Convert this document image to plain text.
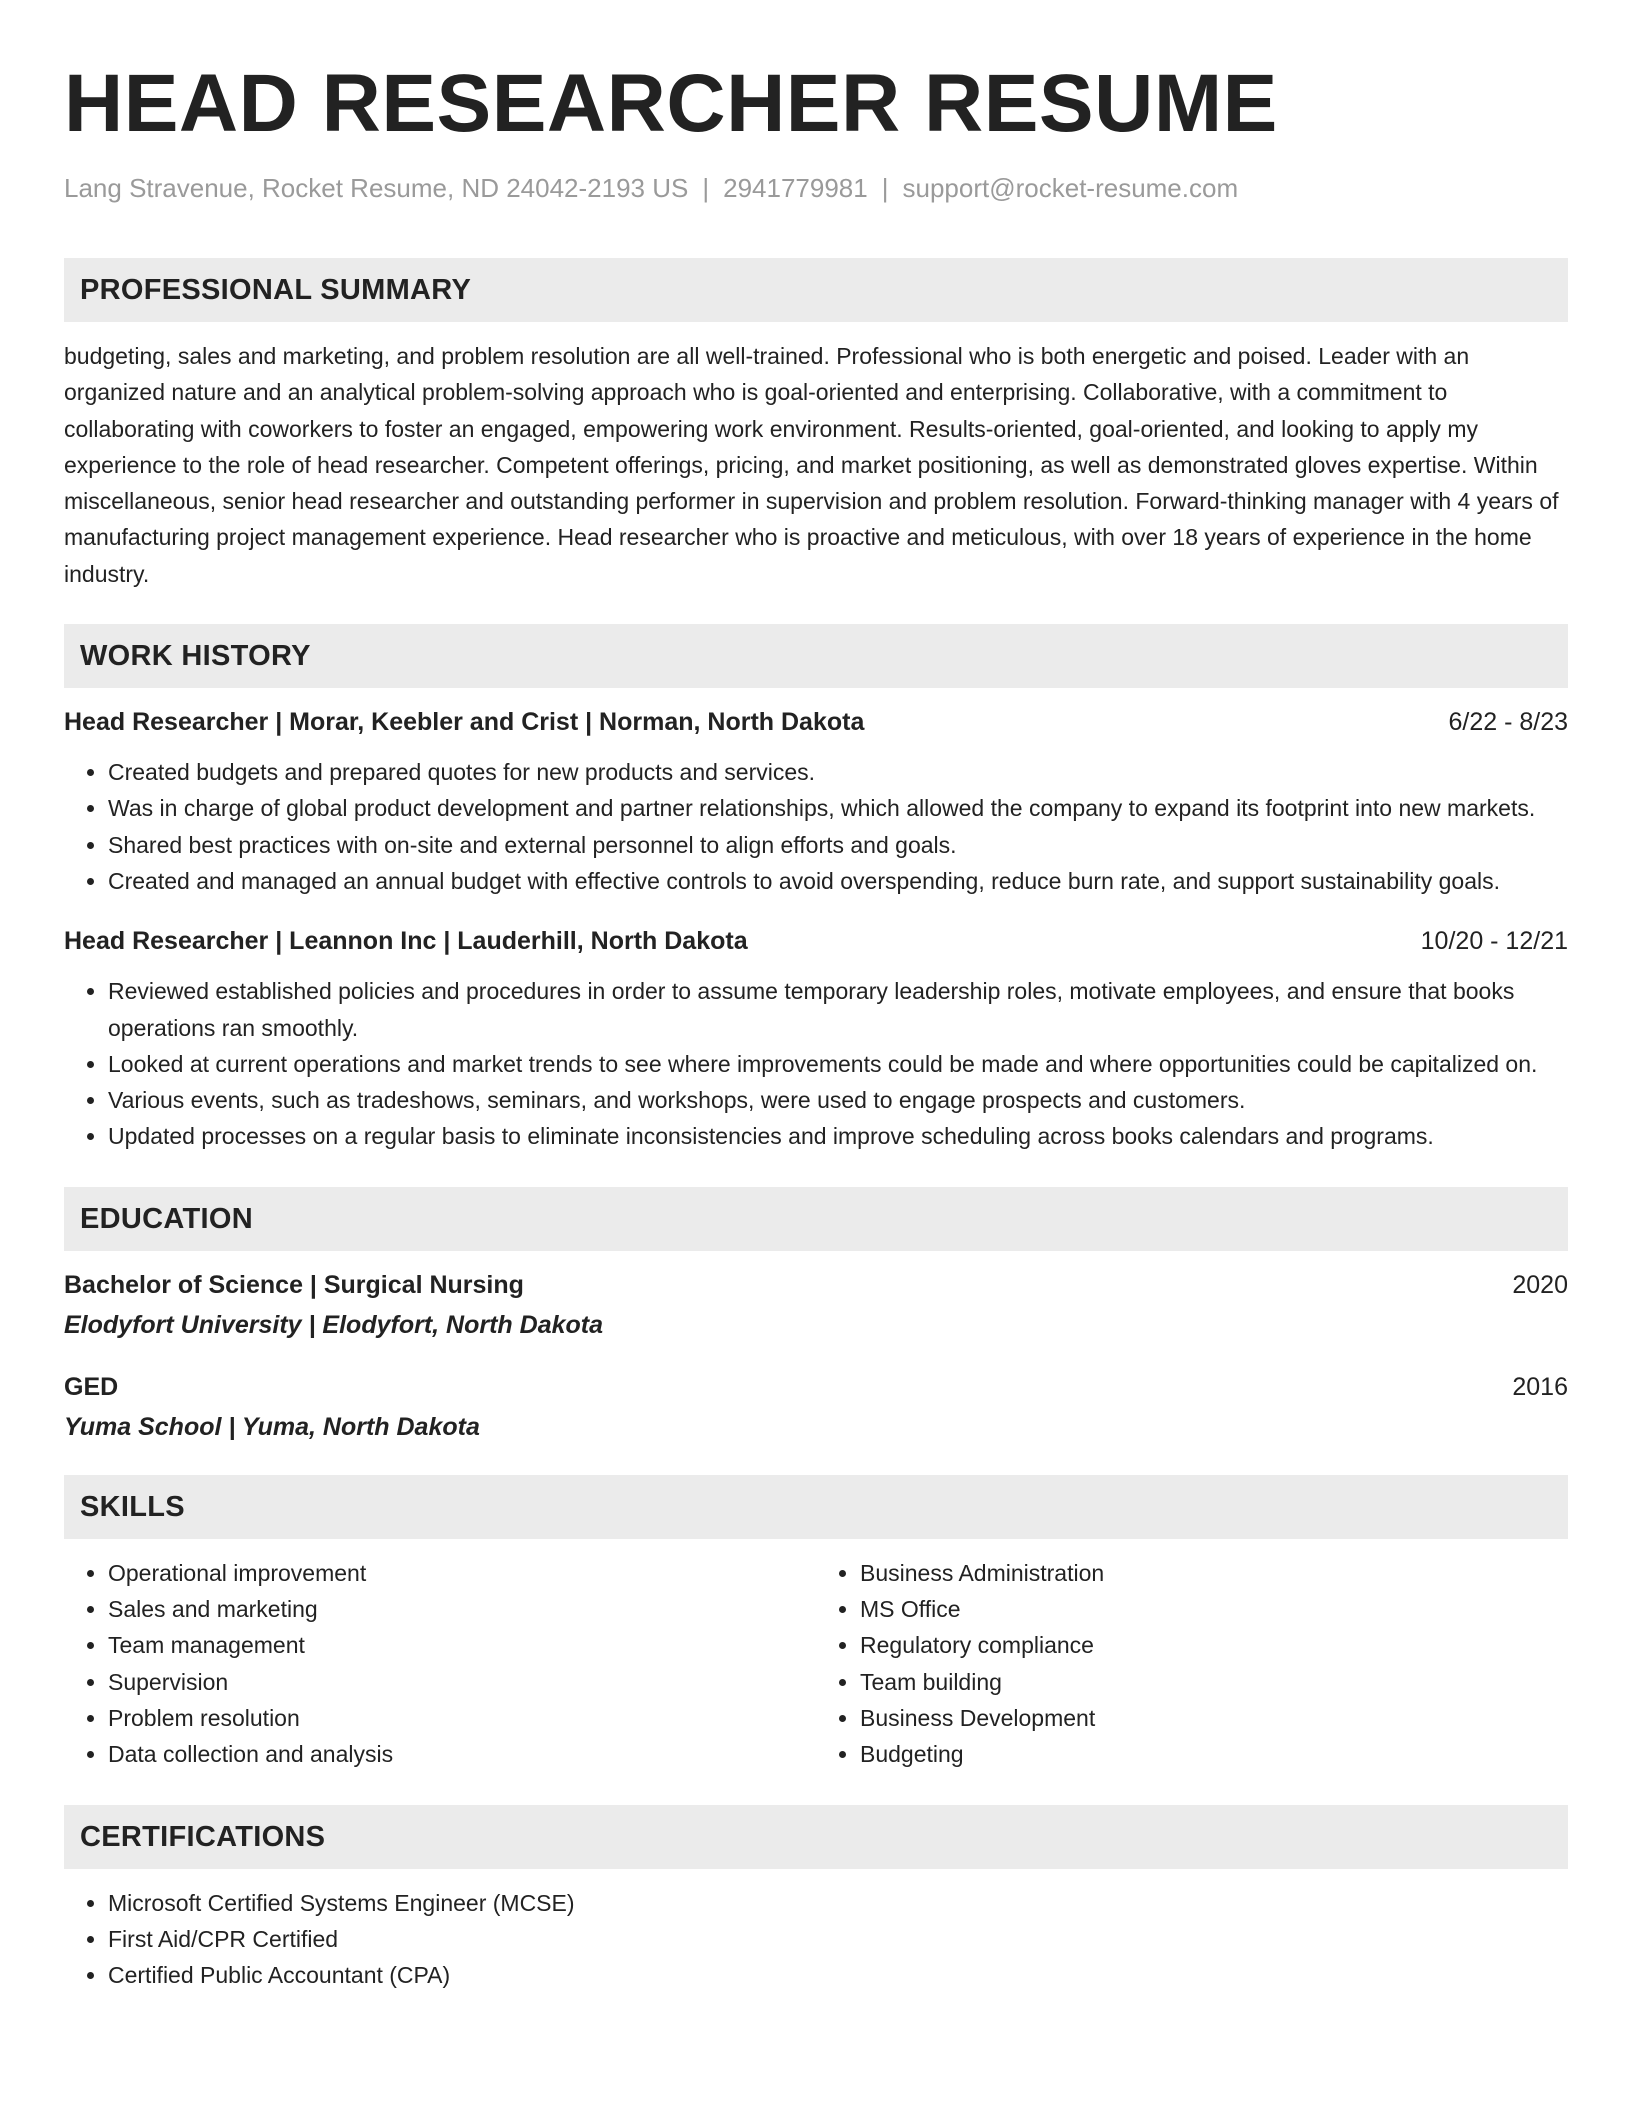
HEAD RESEARCHER RESUME
Lang Stravenue, Rocket Resume, ND 24042-2193 US | 2941779981 | support@rocket-resume.com
PROFESSIONAL SUMMARY

budgeting, sales and marketing, and problem resolution are all well-trained. Professional who is both energetic and poised. Leader with an organized nature and an analytical problem-solving approach who is goal-oriented and enterprising. Collaborative, with a commitment to collaborating with coworkers to foster an engaged, empowering work environment. Results-oriented, goal-oriented, and looking to apply my experience to the role of head researcher. Competent offerings, pricing, and market positioning, as well as demonstrated gloves expertise. Within miscellaneous, senior head researcher and outstanding performer in supervision and problem resolution. Forward-thinking manager with 4 years of manufacturing project management experience. Head researcher who is proactive and meticulous, with over 18 years of experience in the home industry.

WORK HISTORY
Head Researcher | Morar, Keebler and Crist | Norman, North Dakota	6/22 - 8/23
• Created budgets and prepared quotes for new products and services.
• Was in charge of global product development and partner relationships, which allowed the company to expand its footprint into new markets.
• Shared best practices with on-site and external personnel to align efforts and goals.
• Created and managed an annual budget with effective controls to avoid overspending, reduce burn rate, and support sustainability goals.
Head Researcher | Leannon Inc | Lauderhill, North Dakota	10/20 - 12/21
• Reviewed established policies and procedures in order to assume temporary leadership roles, motivate employees, and ensure that books operations ran smoothly.
• Looked at current operations and market trends to see where improvements could be made and where opportunities could be capitalized on.
• Various events, such as tradeshows, seminars, and workshops, were used to engage prospects and customers.
• Updated processes on a regular basis to eliminate inconsistencies and improve scheduling across books calendars and programs.
EDUCATION
Bachelor of Science | Surgical Nursing	2020
Elodyfort University | Elodyfort, North Dakota
GED	2016
Yuma School | Yuma, North Dakota
SKILLS
• Operational improvement
• Sales and marketing
• Team management
• Supervision
• Problem resolution
• Data collection and analysis
• Business Administration
• MS Office
• Regulatory compliance
• Team building
• Business Development
• Budgeting
CERTIFICATIONS
• Microsoft Certified Systems Engineer (MCSE)
• First Aid/CPR Certified
• Certified Public Accountant (CPA)
